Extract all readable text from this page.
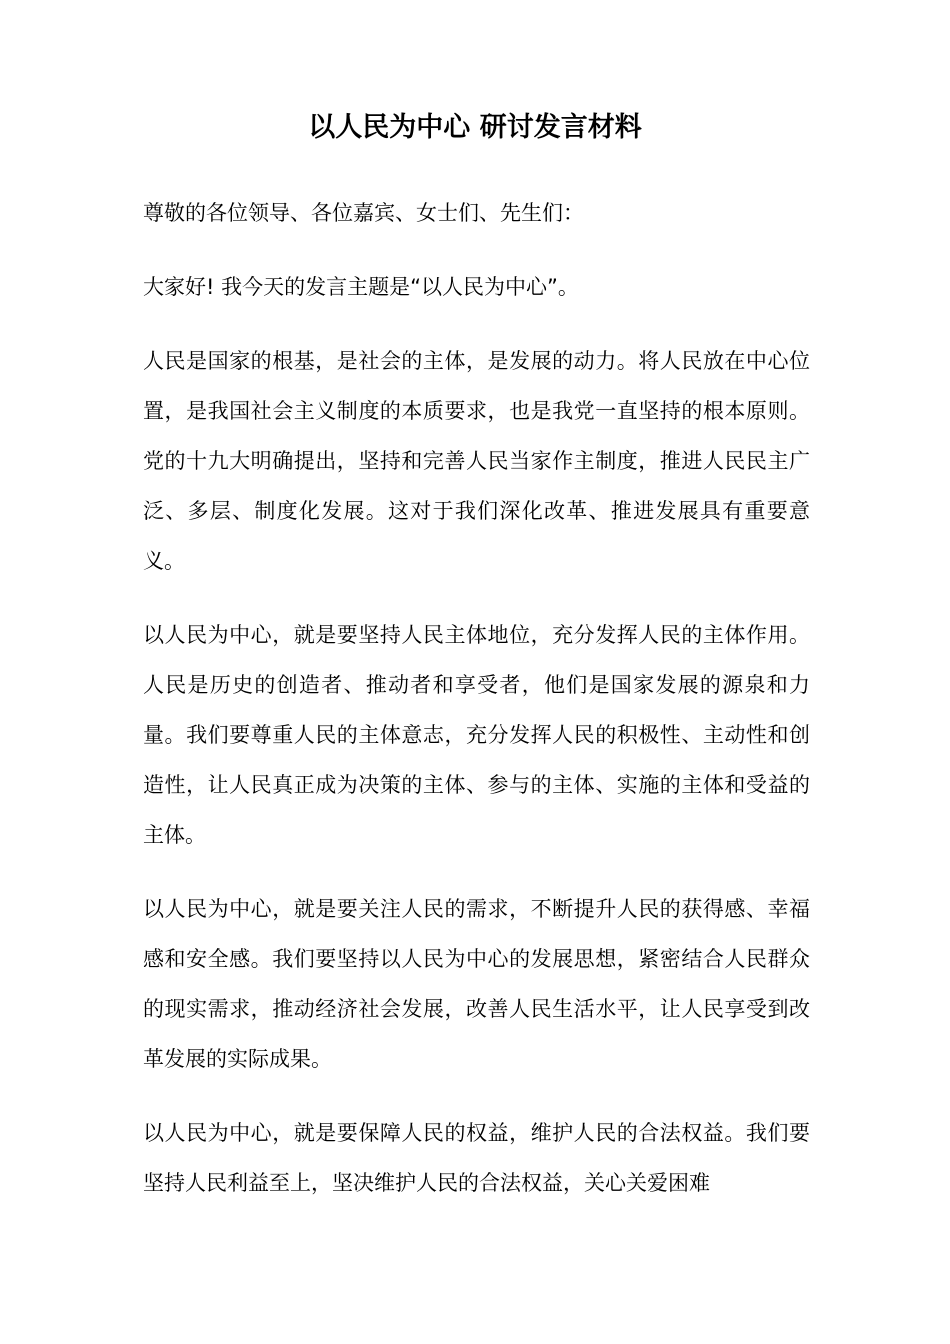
以人民为中心 研讨发言材料

尊敬的各位领导、各位嘉宾、女士们、先生们：

大家好! 我今天的发言主题是“以人民为中心”。

人民是国家的根基，是社会的主体，是发展的动力。将人民放在中心位置，是我国社会主义制度的本质要求，也是我党一直坚持的根本原则。党的十九大明确提出，坚持和完善人民当家作主制度，推进人民民主广泛、多层、制度化发展。这对于我们深化改革、推进发展具有重要意义。

以人民为中心，就是要坚持人民主体地位，充分发挥人民的主体作用。人民是历史的创造者、推动者和享受者，他们是国家发展的源泉和力量。我们要尊重人民的主体意志，充分发挥人民的积极性、主动性和创造性，让人民真正成为决策的主体、参与的主体、实施的主体和受益的主体。

以人民为中心，就是要关注人民的需求，不断提升人民的获得感、幸福感和安全感。我们要坚持以人民为中心的发展思想，紧密结合人民群众的现实需求，推动经济社会发展，改善人民生活水平，让人民享受到改革发展的实际成果。

以人民为中心，就是要保障人民的权益，维护人民的合法权益。我们要坚持人民利益至上，坚决维护人民的合法权益，关心关爱困难
